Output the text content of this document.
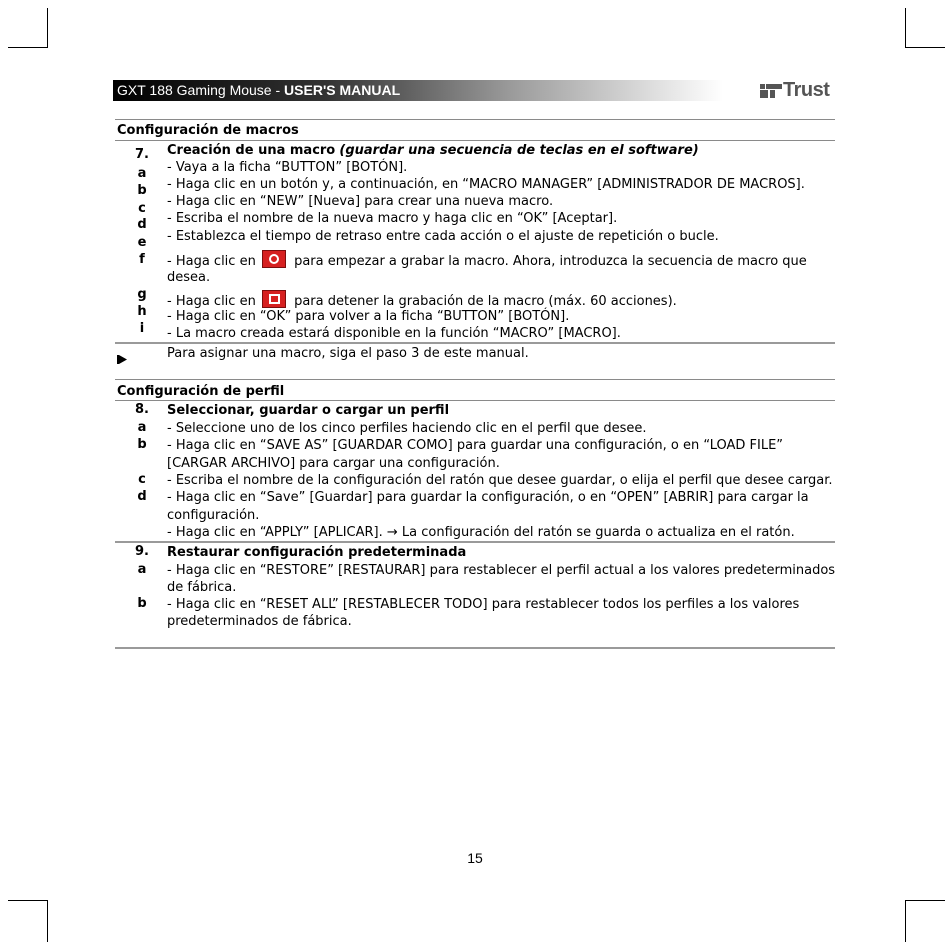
GXT 188 Gaming Mouse - USER'S MANUAL	Trust
Configuración de macros
7.	Creación de una macro (guardar una secuencia de teclas en el software)
a	- Vaya a la ficha “BUTTON” [BOTÓN].
b	- Haga clic en un botón y, a continuación, en “MACRO MANAGER” [ADMINISTRADOR DE MACROS].
c	- Haga clic en “NEW” [Nueva] para crear una nueva macro.
d	- Escriba el nombre de la nueva macro y haga clic en “OK” [Aceptar].
e	- Establezca el tiempo de retraso entre cada acción o el ajuste de repetición o bucle.
f	- Haga clic en	para empezar a grabar la macro. Ahora, introduzca la secuencia de macro que
desea.
g	- Haga clic en	para detener la grabación de la macro (máx. 60 acciones).
h	- Haga clic en “OK” para volver a la ficha “BUTTON” [BOTÓN].
i	- La macro creada estará disponible en la función “MACRO” [MACRO].
Para asignar una macro, siga el paso 3 de este manual.
Configuración de perfil
8.	Seleccionar, guardar o cargar un perfil
a	- Seleccione uno de los cinco perfiles haciendo clic en el perfil que desee.
b	- Haga clic en “SAVE AS” [GUARDAR COMO] para guardar una configuración, o en “LOAD FILE”
[CARGAR ARCHIVO] para cargar una configuración.
c	- Escriba el nombre de la configuración del ratón que desee guardar, o elija el perfil que desee cargar.
d	- Haga clic en “Save” [Guardar] para guardar la configuración, o en “OPEN” [ABRIR] para cargar la
configuración.
- Haga clic en “APPLY” [APLICAR]. → La configuración del ratón se guarda o actualiza en el ratón.
9.	Restaurar configuración predeterminada
a	- Haga clic en “RESTORE” [RESTAURAR] para restablecer el perfil actual a los valores predeterminados
de fábrica.
b	- Haga clic en “RESET ALL” [RESTABLECER TODO] para restablecer todos los perfiles a los valores
predeterminados de fábrica.
15
